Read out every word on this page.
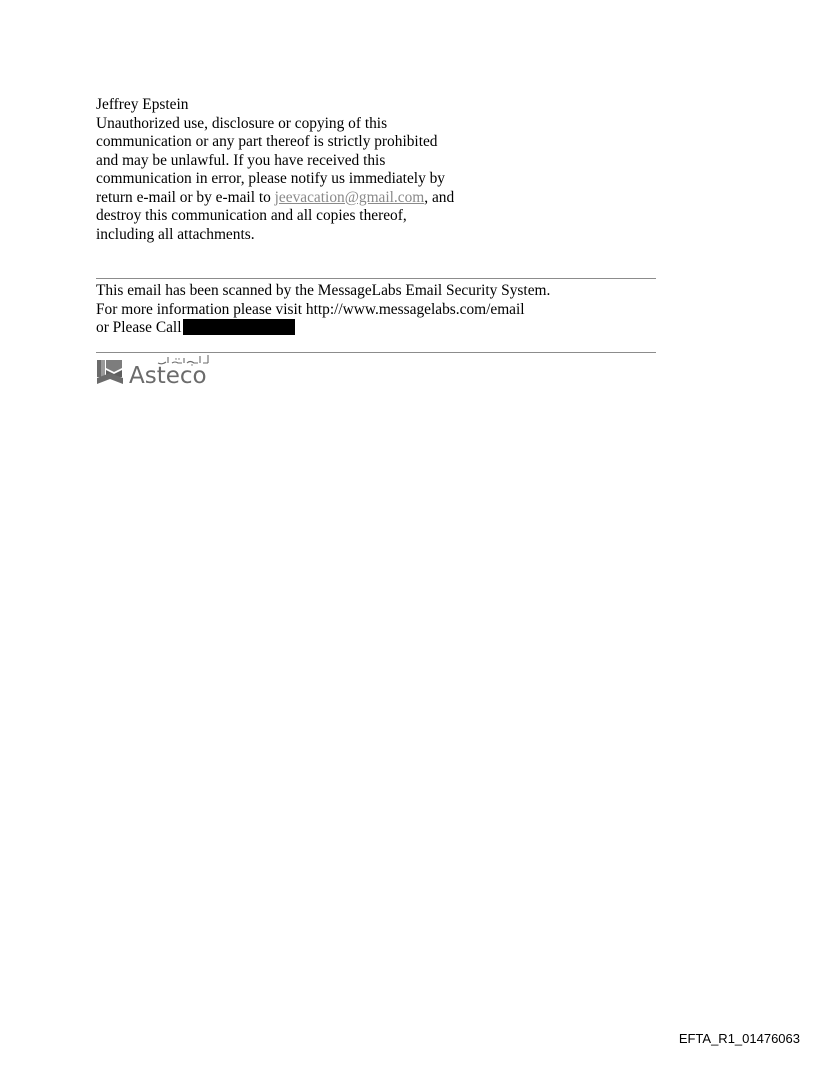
Jeffrey Epstein
Unauthorized use, disclosure or copying of this
communication or any part thereof is strictly prohibited
and may be unlawful. If you have received this
communication in error, please notify us immediately by
return e-mail or by e-mail to jeevacation@gmail.com, and
destroy this communication and all copies thereof,
including all attachments.
This email has been scanned by the MessageLabs Email Security System.
For more information please visit http://www.messagelabs.com/email
or Please Call
Asteco
EFTA_R1_01476063
